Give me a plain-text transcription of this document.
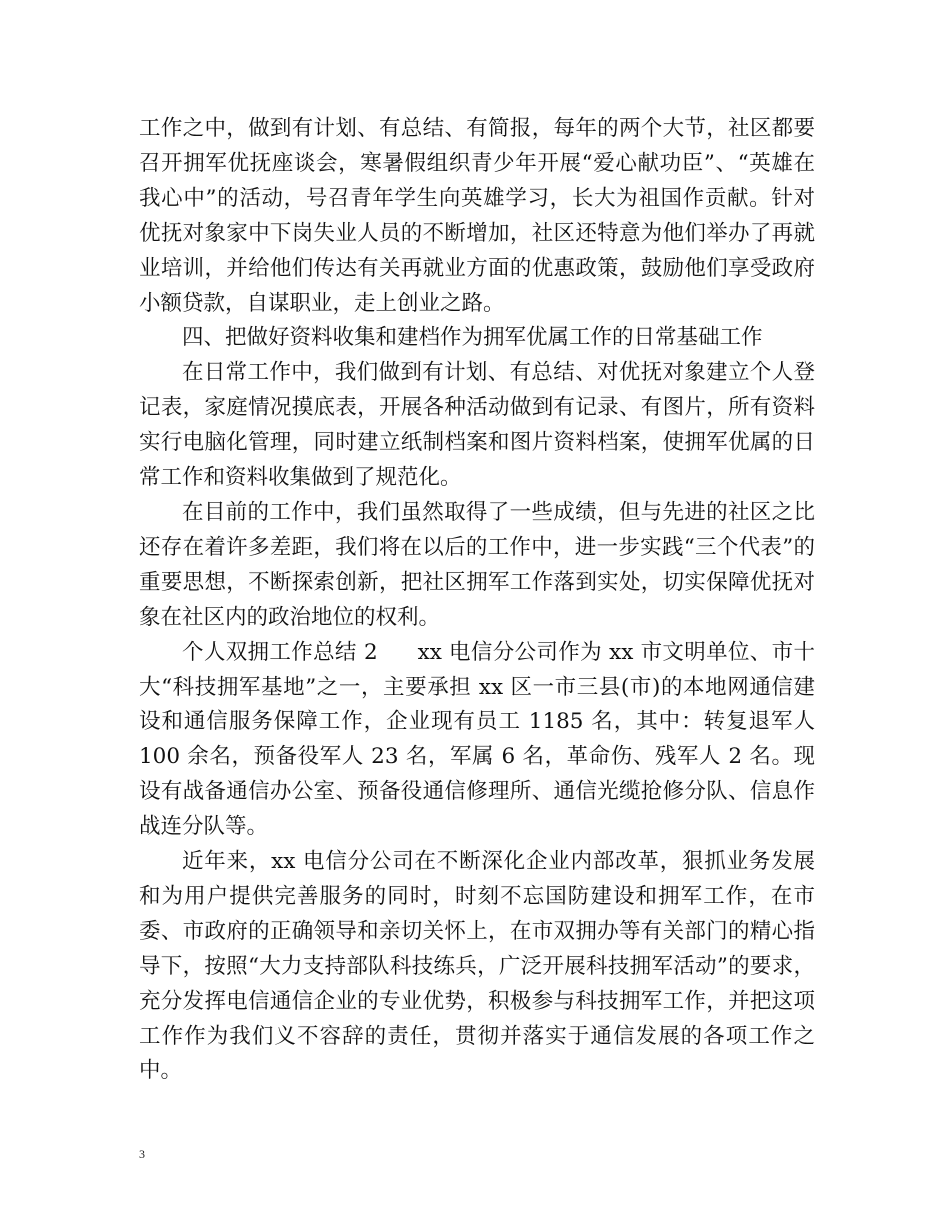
工作之中，做到有计划、有总结、有简报，每年的两个大节，社区都要召开拥军优抚座谈会，寒暑假组织青少年开展“爱心献功臣”、“英雄在我心中”的活动，号召青年学生向英雄学习，长大为祖国作贡献。针对优抚对象家中下岗失业人员的不断增加，社区还特意为他们举办了再就业培训，并给他们传达有关再就业方面的优惠政策，鼓励他们享受政府小额贷款，自谋职业，走上创业之路。

四、把做好资料收集和建档作为拥军优属工作的日常基础工作

在日常工作中，我们做到有计划、有总结、对优抚对象建立个人登记表，家庭情况摸底表，开展各种活动做到有记录、有图片，所有资料实行电脑化管理，同时建立纸制档案和图片资料档案，使拥军优属的日常工作和资料收集做到了规范化。

在目前的工作中，我们虽然取得了一些成绩，但与先进的社区之比还存在着许多差距，我们将在以后的工作中，进一步实践“三个代表”的重要思想，不断探索创新，把社区拥军工作落到实处，切实保障优抚对象在社区内的政治地位的权利。

个人双拥工作总结 2 xx 电信分公司作为 xx 市文明单位、市十大“科技拥军基地”之一，主要承担 xx 区一市三县(市)的本地网通信建设和通信服务保障工作，企业现有员工 1185 名，其中：转复退军人 100 余名，预备役军人 23 名，军属 6 名，革命伤、残军人 2 名。现设有战备通信办公室、预备役通信修理所、通信光缆抢修分队、信息作战连分队等。

近年来，xx 电信分公司在不断深化企业内部改革，狠抓业务发展和为用户提供完善服务的同时，时刻不忘国防建设和拥军工作，在市委、市政府的正确领导和亲切关怀上，在市双拥办等有关部门的精心指导下，按照“大力支持部队科技练兵，广泛开展科技拥军活动”的要求，充分发挥电信通信企业的专业优势，积极参与科技拥军工作，并把这项工作作为我们义不容辞的责任，贯彻并落实于通信发展的各项工作之中。

3
